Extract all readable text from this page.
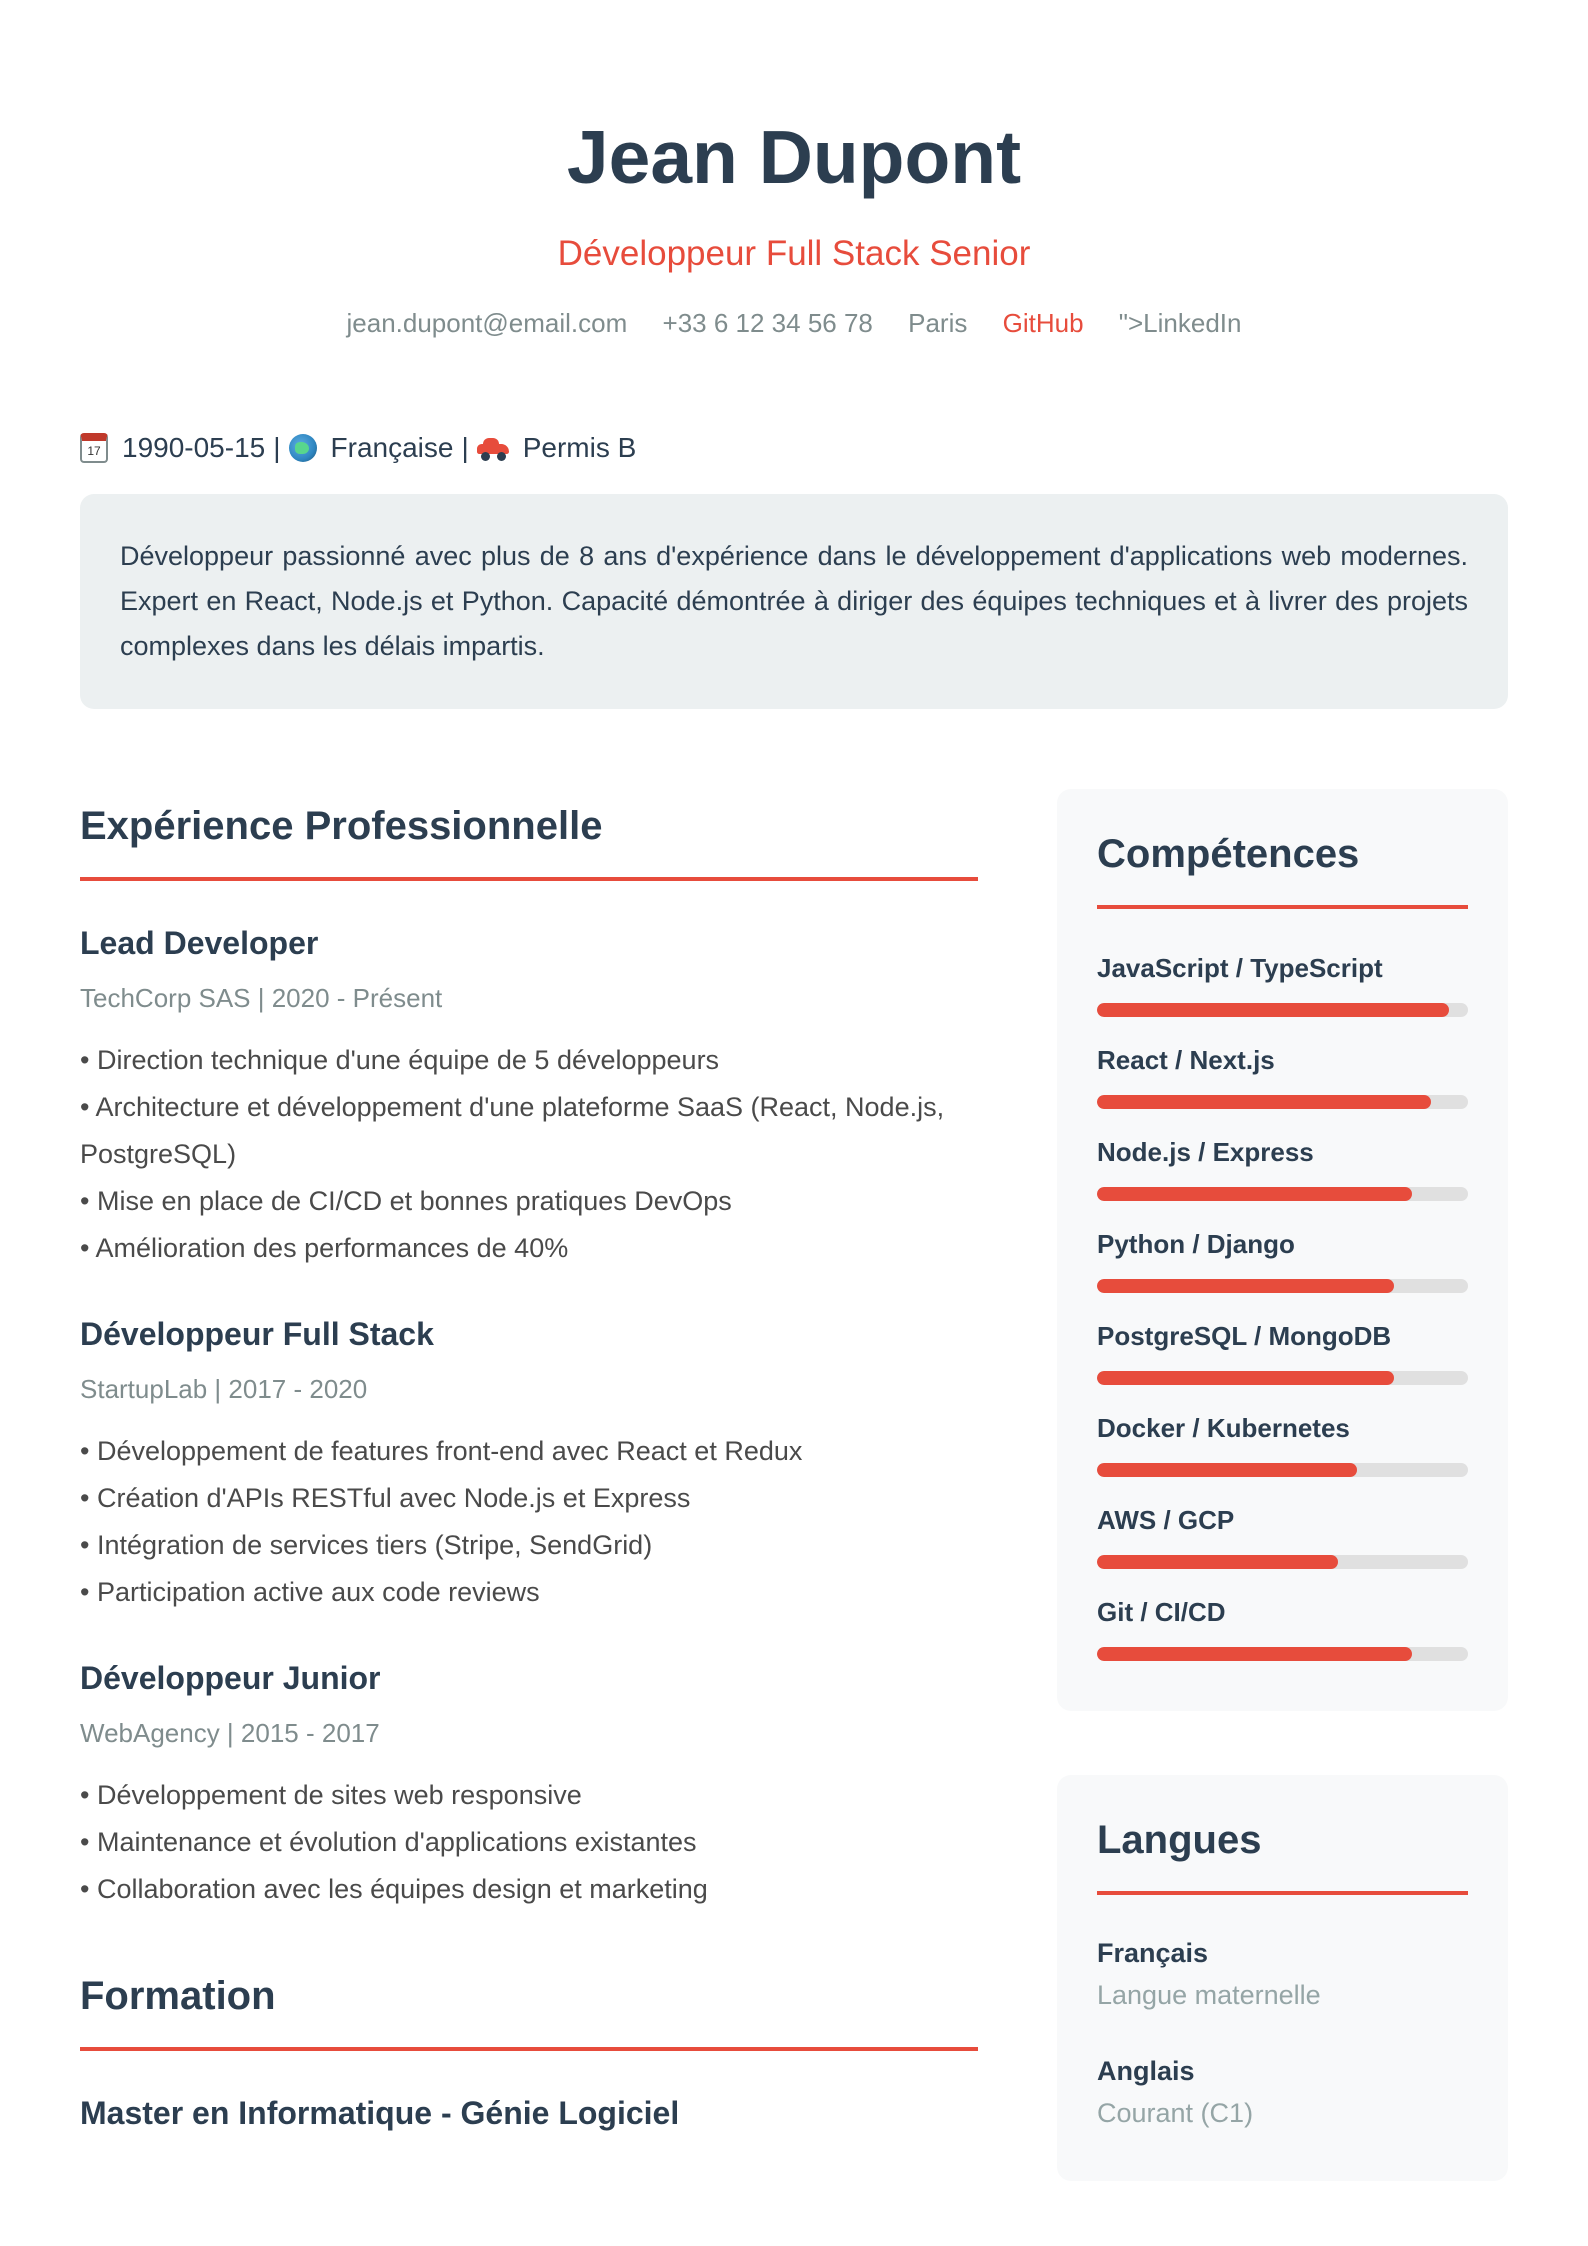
Jean Dupont
Développeur Full Stack Senior
jean.dupont@email.com +33 6 12 34 56 78 Paris GitHub ">LinkedIn
17 1990-05-15 | Française | Permis B
Développeur passionné avec plus de 8 ans d'expérience dans le développement d'applications web modernes. Expert en React, Node.js et Python. Capacité démontrée à diriger des équipes techniques et à livrer des projets complexes dans les délais impartis.
Expérience Professionnelle
Lead Developer
TechCorp SAS | 2020 - Présent
• Direction technique d'une équipe de 5 développeurs
• Architecture et développement d'une plateforme SaaS (React, Node.js, PostgreSQL)
• Mise en place de CI/CD et bonnes pratiques DevOps
• Amélioration des performances de 40%
Développeur Full Stack
StartupLab | 2017 - 2020
• Développement de features front-end avec React et Redux
• Création d'APIs RESTful avec Node.js et Express
• Intégration de services tiers (Stripe, SendGrid)
• Participation active aux code reviews
Développeur Junior
WebAgency | 2015 - 2017
• Développement de sites web responsive
• Maintenance et évolution d'applications existantes
• Collaboration avec les équipes design et marketing
Formation
Master en Informatique - Génie Logiciel
Compétences
JavaScript / TypeScript
React / Next.js
Node.js / Express
Python / Django
PostgreSQL / MongoDB
Docker / Kubernetes
AWS / GCP
Git / CI/CD
Langues
Français
Langue maternelle
Anglais
Courant (C1)
